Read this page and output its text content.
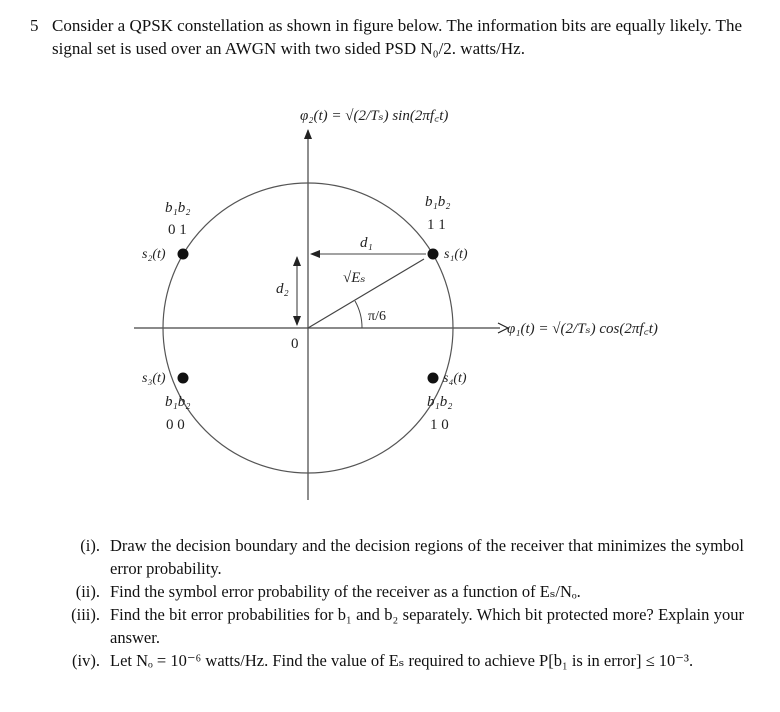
5 Consider a QPSK constellation as shown in figure below. The information bits are equally likely. The signal set is used over an AWGN with two sided PSD N₀/2. watts/Hz.
φ₂(t) = √(2/Tₛ) sin(2πf꜀t)
φ₁(t) = √(2/Tₛ) cos(2πf꜀t)
0
√Eₛ
π/6
d₁
d₂
s₁(t)
b₁b₂
1 1
s₂(t)
b₁b₂
0 1
s₃(t)
b₁b₂
0 0
s₄(t)
b₁b₂
1 0
(i). Draw the decision boundary and the decision regions of the receiver that minimizes the symbol error probability.
(ii). Find the symbol error probability of the receiver as a function of Eₛ/Nₒ.
(iii). Find the bit error probabilities for b₁ and b₂ separately. Which bit protected more? Explain your answer.
(iv). Let Nₒ = 10⁻⁶ watts/Hz. Find the value of Eₛ required to achieve P[b₁ is in error] ≤ 10⁻³.
